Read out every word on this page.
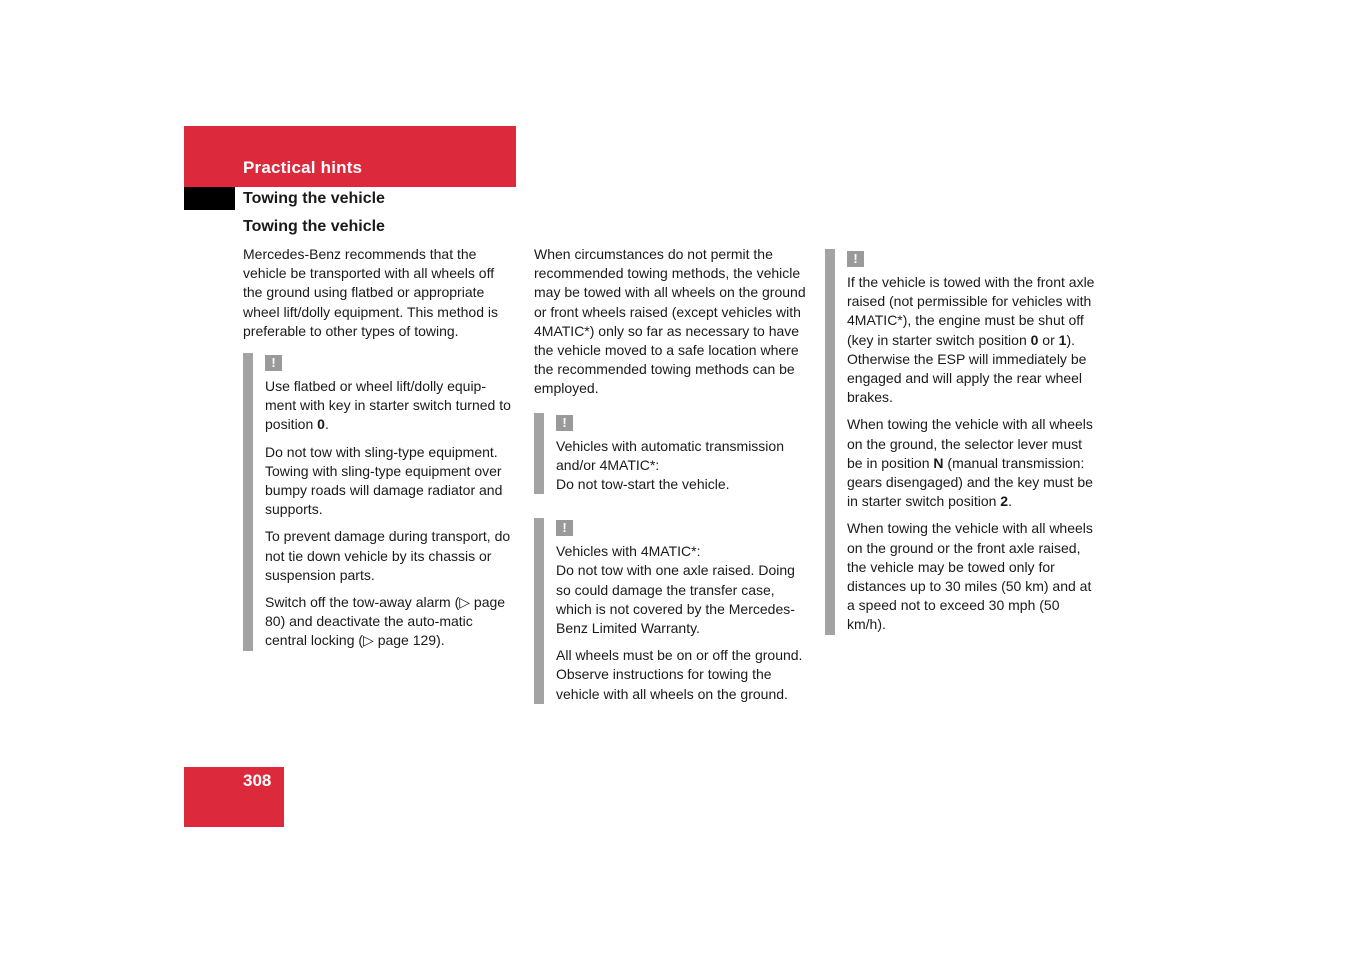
Practical hints
Towing the vehicle
Towing the vehicle

Mercedes-Benz recommends that the vehicle be transported with all wheels off the ground using flatbed or appropriate wheel lift/dolly equipment. This method is preferable to other types of towing.

!

Use flatbed or wheel lift/dolly equip-ment with key in starter switch turned to position 0.

Do not tow with sling-type equipment. Towing with sling-type equipment over bumpy roads will damage radiator and supports.

To prevent damage during transport, do not tie down vehicle by its chassis or suspension parts.

Switch off the tow-away alarm (▷ page 80) and deactivate the auto-matic central locking (▷ page 129).

When circumstances do not permit the recommended towing methods, the vehicle may be towed with all wheels on the ground or front wheels raised (except vehicles with 4MATIC*) only so far as necessary to have the vehicle moved to a safe location where the recommended towing methods can be employed.

!

Vehicles with automatic transmission and/or 4MATIC*:
Do not tow-start the vehicle.

!

Vehicles with 4MATIC*:
Do not tow with one axle raised. Doing so could damage the transfer case, which is not covered by the Mercedes-Benz Limited Warranty.

All wheels must be on or off the ground. Observe instructions for towing the vehicle with all wheels on the ground.

!

If the vehicle is towed with the front axle raised (not permissible for vehicles with 4MATIC*), the engine must be shut off (key in starter switch position 0 or 1). Otherwise the ESP will immediately be engaged and will apply the rear wheel brakes.

When towing the vehicle with all wheels on the ground, the selector lever must be in position N (manual transmission: gears disengaged) and the key must be in starter switch position 2.

When towing the vehicle with all wheels on the ground or the front axle raised, the vehicle may be towed only for distances up to 30 miles (50 km) and at a speed not to exceed 30 mph (50 km/h).

308
